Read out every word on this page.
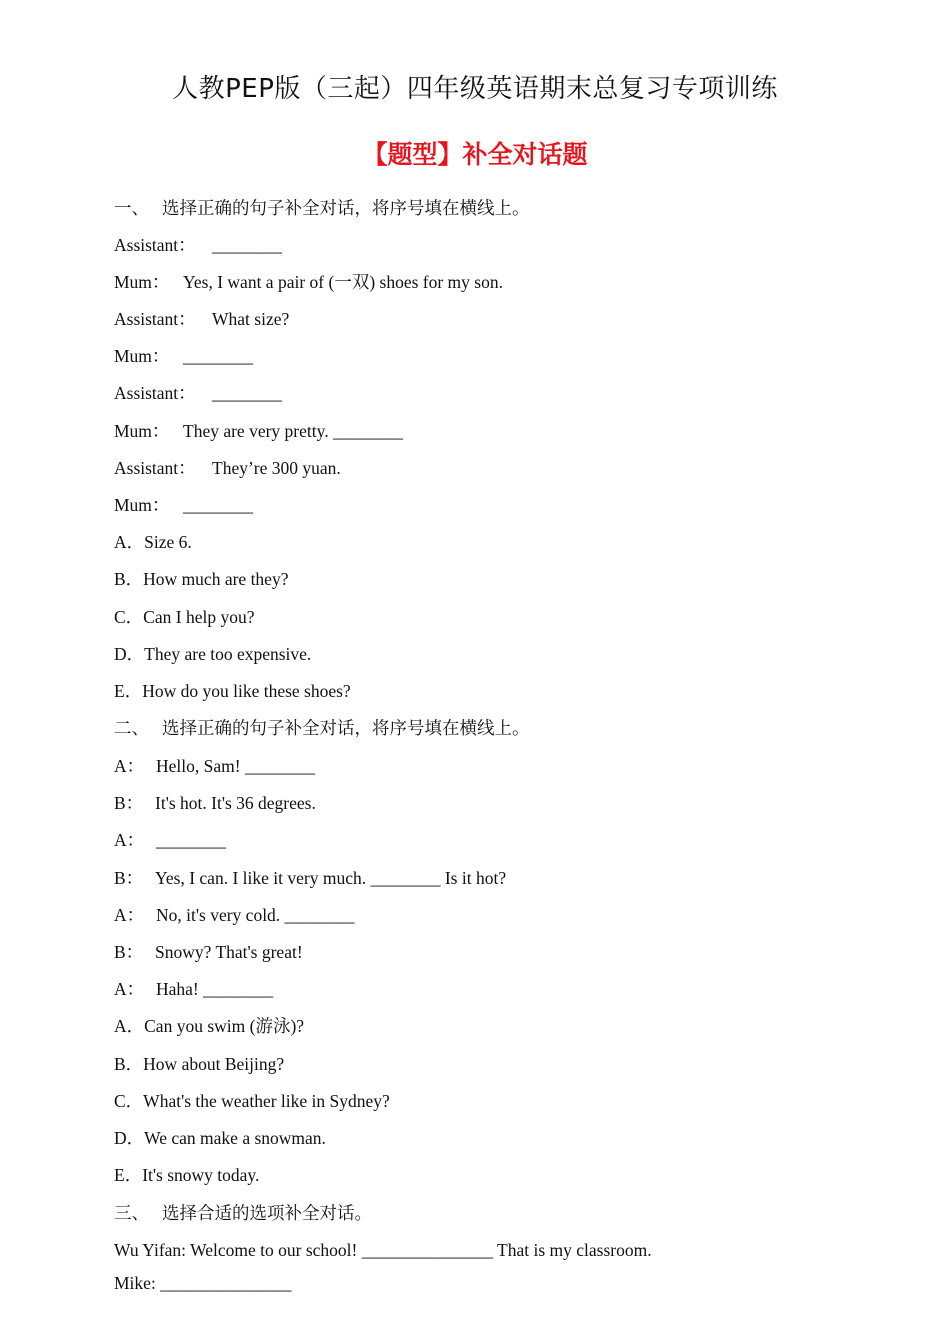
人教PEP版（三起）四年级英语期末总复习专项训练
【题型】补全对话题
一、 选择正确的句子补全对话，将序号填在横线上。
Assistant： ________
Mum： Yes, I want a pair of (一双) shoes for my son.
Assistant： What size?
Mum： ________
Assistant： ________
Mum： They are very pretty. ________
Assistant： They’re 300 yuan.
Mum： ________
A．Size 6.
B．How much are they?
C．Can I help you?
D．They are too expensive.
E．How do you like these shoes?
二、 选择正确的句子补全对话，将序号填在横线上。
A： Hello, Sam! ________
B： It's hot. It's 36 degrees.
A： ________
B： Yes, I can. I like it very much. ________ Is it hot?
A： No, it's very cold. ________
B： Snowy? That's great!
A： Haha! ________
A．Can you swim (游泳)?
B．How about Beijing?
C．What's the weather like in Sydney?
D．We can make a snowman.
E．It's snowy today.
三、 选择合适的选项补全对话。
Wu Yifan: Welcome to our school! _______________ That is my classroom.
Mike: _______________
